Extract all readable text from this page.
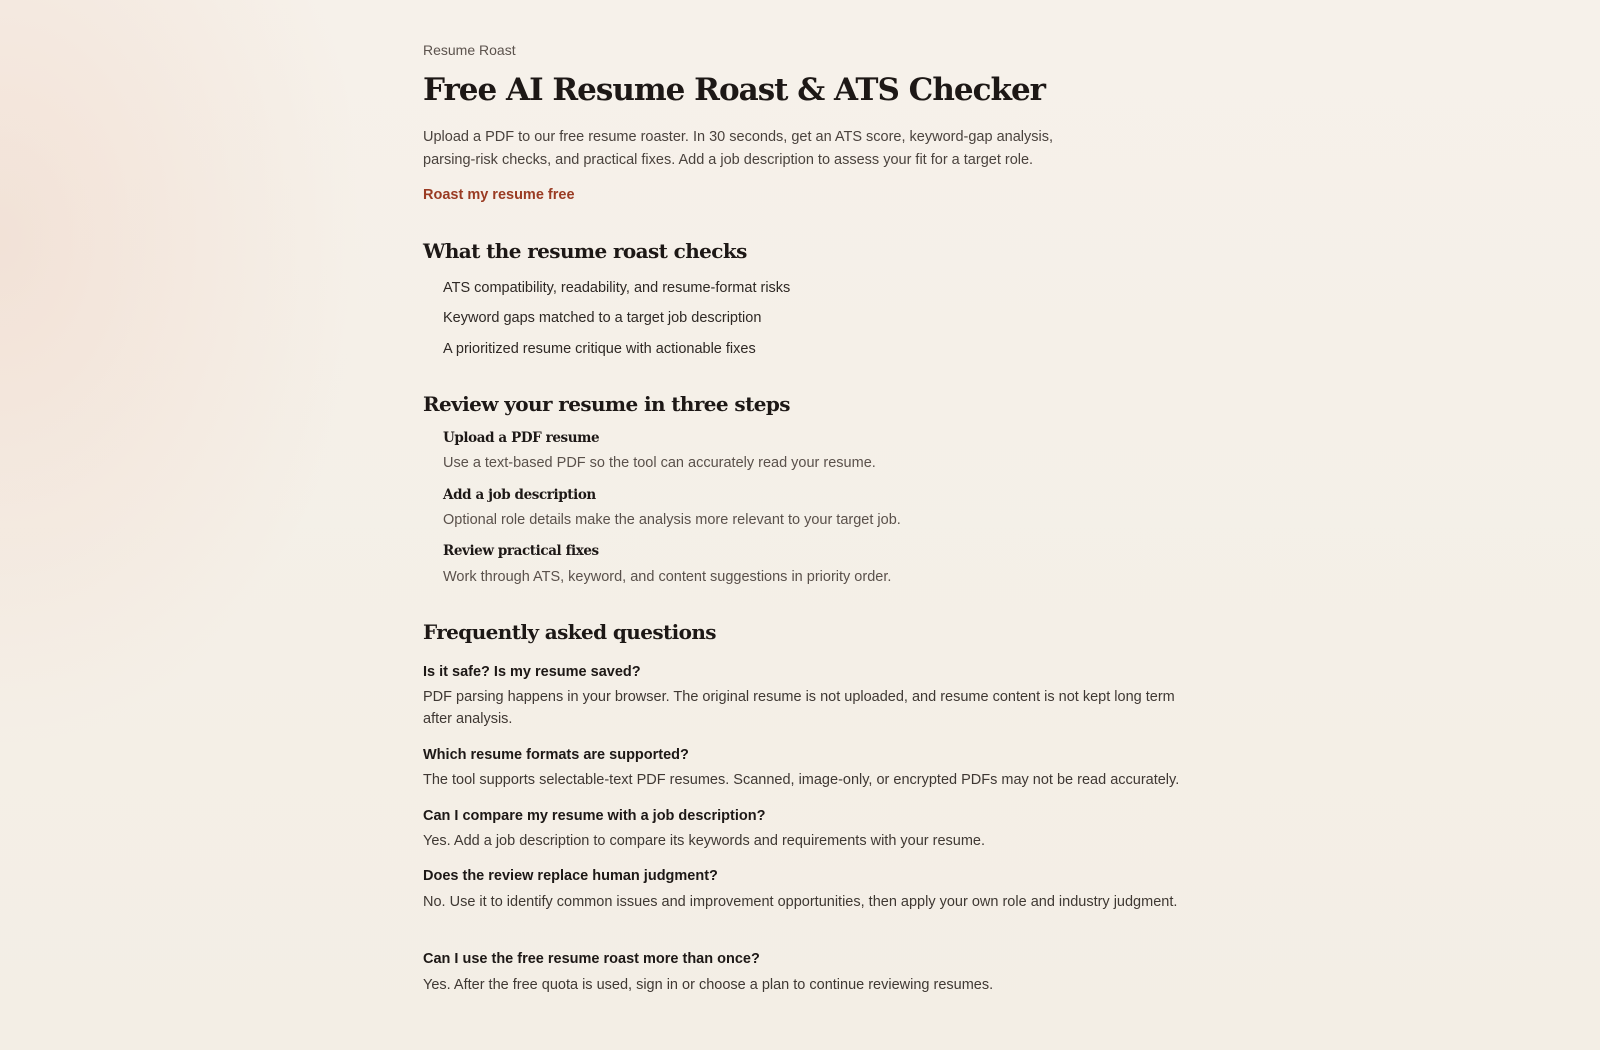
Resume Roast

Free AI Resume Roast & ATS Checker

Upload a PDF to our free resume roaster. In 30 seconds, get an ATS score, keyword-gap analysis, parsing-risk checks, and practical fixes. Add a job description to assess your fit for a target role.

Roast my resume free
What the resume roast checks
ATS compatibility, readability, and resume-format risks
Keyword gaps matched to a target job description
A prioritized resume critique with actionable fixes
Review your resume in three steps
Upload a PDF resume
Use a text-based PDF so the tool can accurately read your resume.
Add a job description
Optional role details make the analysis more relevant to your target job.
Review practical fixes
Work through ATS, keyword, and content suggestions in priority order.
Frequently asked questions
Is it safe? Is my resume saved?
PDF parsing happens in your browser. The original resume is not uploaded, and resume content is not kept long term after analysis.
Which resume formats are supported?
The tool supports selectable-text PDF resumes. Scanned, image-only, or encrypted PDFs may not be read accurately.
Can I compare my resume with a job description?
Yes. Add a job description to compare its keywords and requirements with your resume.
Does the review replace human judgment?
No. Use it to identify common issues and improvement opportunities, then apply your own role and industry judgment.
Can I use the free resume roast more than once?
Yes. After the free quota is used, sign in or choose a plan to continue reviewing resumes.
